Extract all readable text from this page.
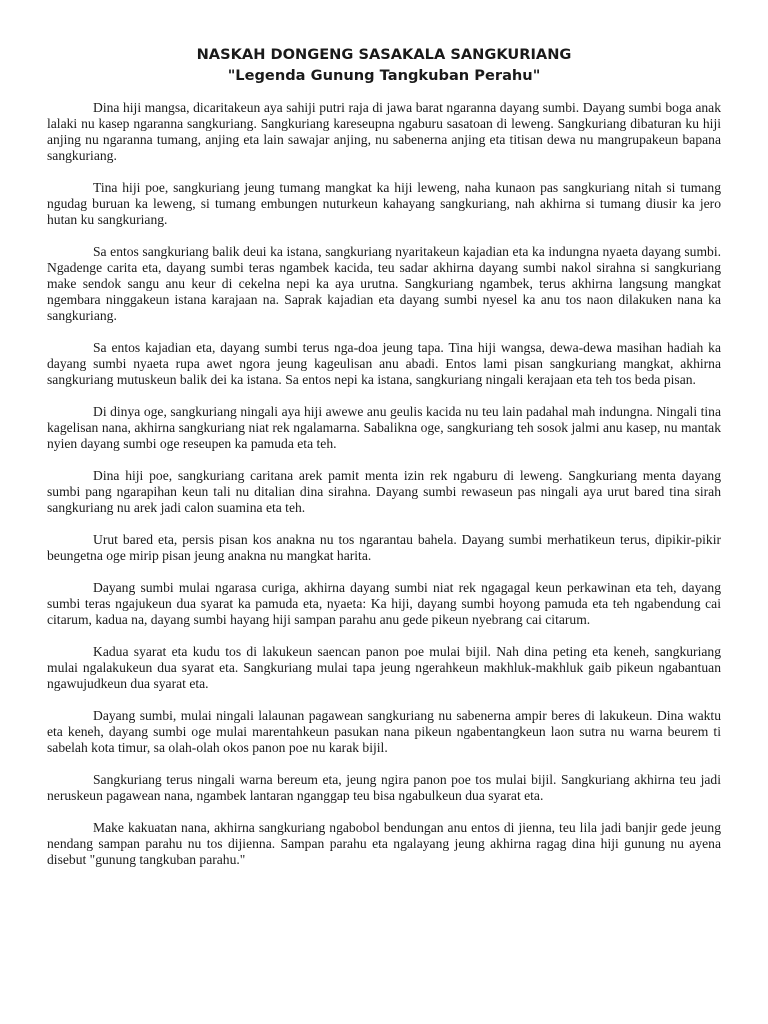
NASKAH DONGENG SASAKALA SANGKURIANG
"Legenda Gunung Tangkuban Perahu"

Dina hiji mangsa, dicaritakeun aya sahiji putri raja di jawa barat ngaranna dayang sumbi. Dayang sumbi boga anak lalaki nu kasep ngaranna sangkuriang. Sangkuriang kareseupna ngaburu sasatoan di leweng. Sangkuriang dibaturan ku hiji anjing nu ngaranna tumang, anjing eta lain sawajar anjing, nu sabenerna anjing eta titisan dewa nu mangrupakeun bapana sangkuriang.

Tina hiji poe, sangkuriang jeung tumang mangkat ka hiji leweng, naha kunaon pas sangkuriang nitah si tumang ngudag buruan ka leweng, si tumang embungen nuturkeun kahayang sangkuriang, nah akhirna si tumang diusir ka jero hutan ku sangkuriang.

Sa entos sangkuriang balik deui ka istana, sangkuriang nyaritakeun kajadian eta ka indungna nyaeta dayang sumbi. Ngadenge carita eta, dayang sumbi teras ngambek kacida, teu sadar akhirna dayang sumbi nakol sirahna si sangkuriang make sendok sangu anu keur di cekelna nepi ka aya urutna. Sangkuriang ngambek, terus akhirna langsung mangkat ngembara ninggakeun istana karajaan na. Saprak kajadian eta dayang sumbi nyesel ka anu tos naon dilakuken nana ka sangkuriang.

Sa entos kajadian eta, dayang sumbi terus nga-doa jeung tapa. Tina hiji wangsa, dewa-dewa masihan hadiah ka dayang sumbi nyaeta rupa awet ngora jeung kageulisan anu abadi. Entos lami pisan sangkuriang mangkat, akhirna sangkuriang mutuskeun balik dei ka istana. Sa entos nepi ka istana, sangkuriang ningali kerajaan eta teh tos beda pisan.

Di dinya oge, sangkuriang ningali aya hiji awewe anu geulis kacida nu teu lain padahal mah indungna. Ningali tina kagelisan nana, akhirna sangkuriang niat rek ngalamarna. Sabalikna oge, sangkuriang teh sosok jalmi anu kasep, nu mantak nyien dayang sumbi oge reseupen ka pamuda eta teh.

Dina hiji poe, sangkuriang caritana arek pamit menta izin rek ngaburu di leweng. Sangkuriang menta dayang sumbi pang ngarapihan keun tali nu ditalian dina sirahna. Dayang sumbi rewaseun pas ningali aya urut bared tina sirah sangkuriang nu arek jadi calon suamina eta teh.

Urut bared eta, persis pisan kos anakna nu tos ngarantau bahela. Dayang sumbi merhatikeun terus, dipikir-pikir beungetna oge mirip pisan jeung anakna nu mangkat harita.

Dayang sumbi mulai ngarasa curiga, akhirna dayang sumbi niat rek ngagagal keun perkawinan eta teh, dayang sumbi teras ngajukeun dua syarat ka pamuda eta, nyaeta: Ka hiji, dayang sumbi hoyong pamuda eta teh ngabendung cai citarum, kadua na, dayang sumbi hayang hiji sampan parahu anu gede pikeun nyebrang cai citarum.

Kadua syarat eta kudu tos di lakukeun saencan panon poe mulai bijil. Nah dina peting eta keneh, sangkuriang mulai ngalakukeun dua syarat eta. Sangkuriang mulai tapa jeung ngerahkeun makhluk-makhluk gaib pikeun ngabantuan ngawujudkeun dua syarat eta.

Dayang sumbi, mulai ningali lalaunan pagawean sangkuriang nu sabenerna ampir beres di lakukeun. Dina waktu eta keneh, dayang sumbi oge mulai marentahkeun pasukan nana pikeun ngabentangkeun laon sutra nu warna beurem ti sabelah kota timur, sa olah-olah okos panon poe nu karak bijil.

Sangkuriang terus ningali warna bereum eta, jeung ngira panon poe tos mulai bijil. Sangkuriang akhirna teu jadi neruskeun pagawean nana, ngambek lantaran nganggap teu bisa ngabulkeun dua syarat eta.

Make kakuatan nana, akhirna sangkuriang ngabobol bendungan anu entos di jienna, teu lila jadi banjir gede jeung nendang sampan parahu nu tos dijienna. Sampan parahu eta ngalayang jeung akhirna ragag dina hiji gunung nu ayena disebut "gunung tangkuban parahu."
